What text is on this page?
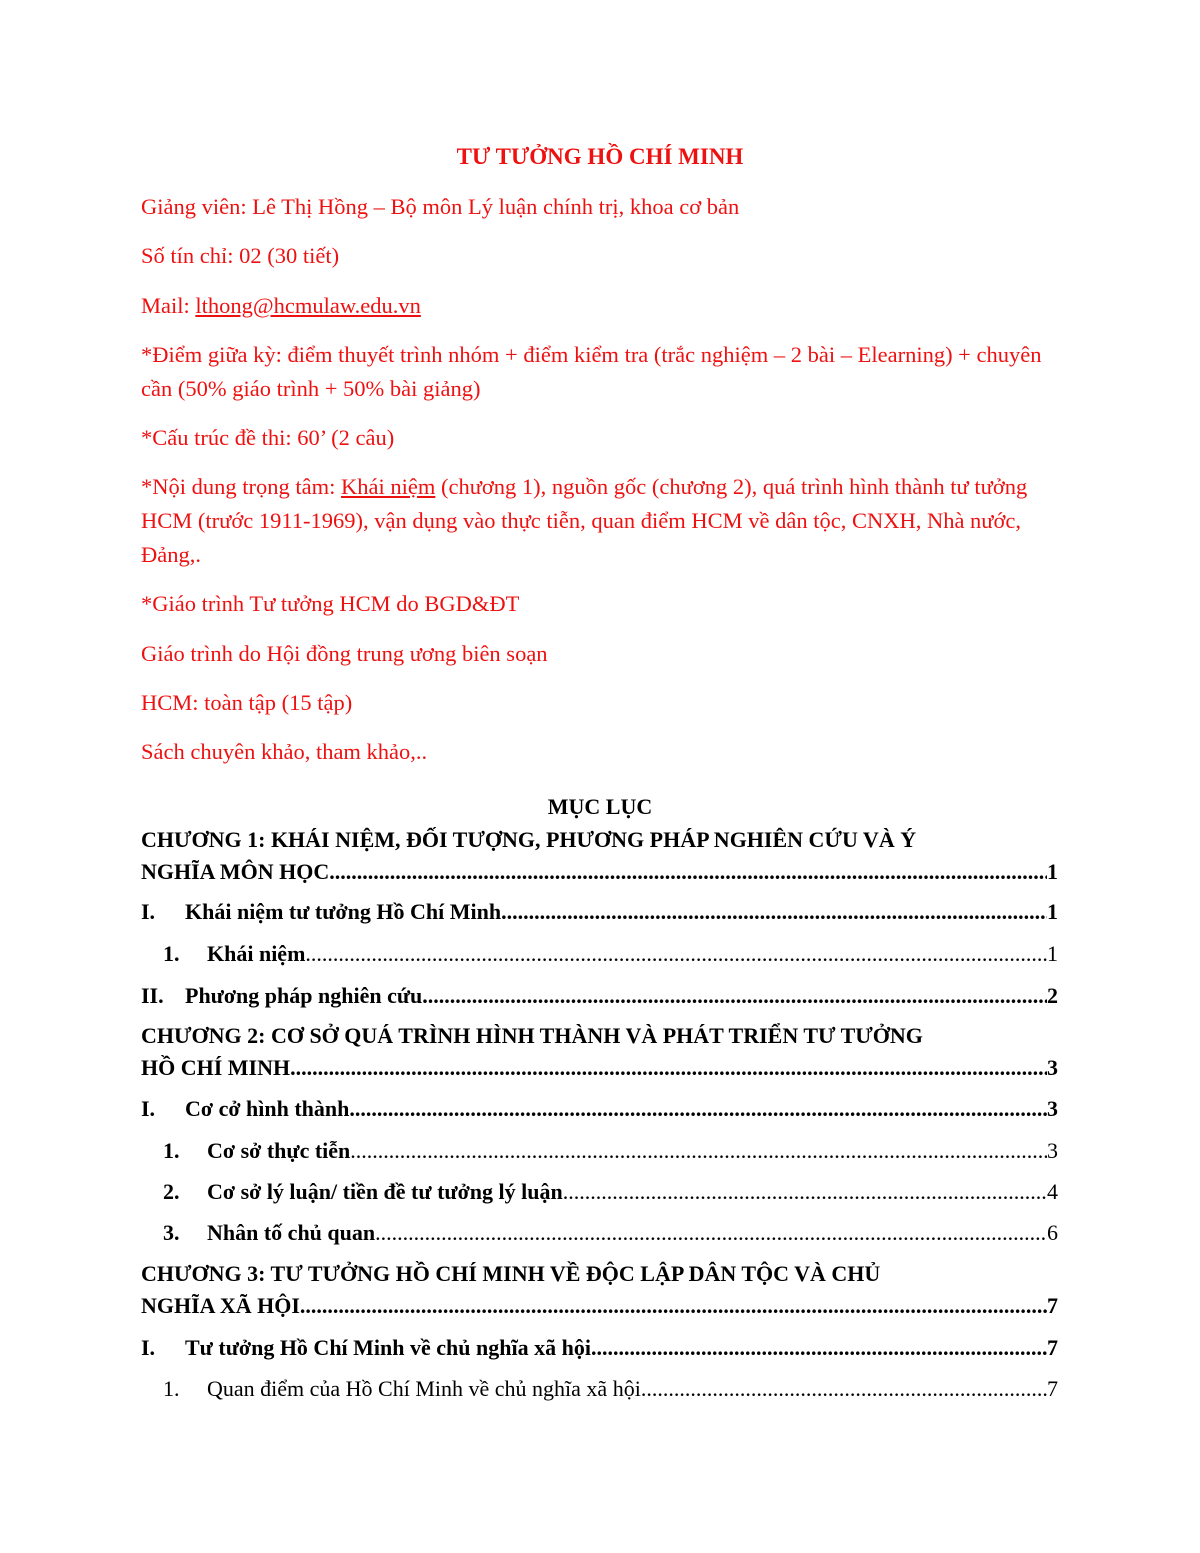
TƯ TƯỞNG HỒ CHÍ MINH

Giảng viên: Lê Thị Hồng – Bộ môn Lý luận chính trị, khoa cơ bản

Số tín chỉ: 02 (30 tiết)

Mail: lthong@hcmulaw.edu.vn

*Điểm giữa kỳ: điểm thuyết trình nhóm + điểm kiểm tra (trắc nghiệm – 2 bài – Elearning) + chuyên cần (50% giáo trình + 50% bài giảng)

*Cấu trúc đề thi: 60’ (2 câu)

*Nội dung trọng tâm: Khái niệm (chương 1), nguồn gốc (chương 2), quá trình hình thành tư tưởng HCM (trước 1911-1969), vận dụng vào thực tiễn, quan điểm HCM về dân tộc, CNXH, Nhà nước, Đảng,.

*Giáo trình Tư tưởng HCM do BGD&ĐT

Giáo trình do Hội đồng trung ương biên soạn

HCM: toàn tập (15 tập)

Sách chuyên khảo, tham khảo,..

MỤC LỤC
CHƯƠNG 1: KHÁI NIỆM, ĐỐI TƯỢNG, PHƯƠNG PHÁP NGHIÊN CỨU VÀ Ý
NGHĨA MÔN HỌC .....	1
I.	Khái niệm tư tưởng Hồ Chí Minh .....	1
1.	Khái niệm .....	1
II. Phương pháp nghiên cứu .....	2
CHƯƠNG 2: CƠ SỞ QUÁ TRÌNH HÌNH THÀNH VÀ PHÁT TRIỂN TƯ TƯỞNG
HỒ CHÍ MINH .....	3
I.	Cơ cở hình thành .....	3
1.	Cơ sở thực tiễn .....	3
2.	Cơ sở lý luận/ tiền đề tư tưởng lý luận .....	4
3.	Nhân tố chủ quan .....	6
CHƯƠNG 3: TƯ TƯỞNG HỒ CHÍ MINH VỀ ĐỘC LẬP DÂN TỘC VÀ CHỦ
NGHĨA XÃ HỘI .....	7
I.	Tư tưởng Hồ Chí Minh về chủ nghĩa xã hội .....	7
1.	Quan điểm của Hồ Chí Minh về chủ nghĩa xã hội .....	7
